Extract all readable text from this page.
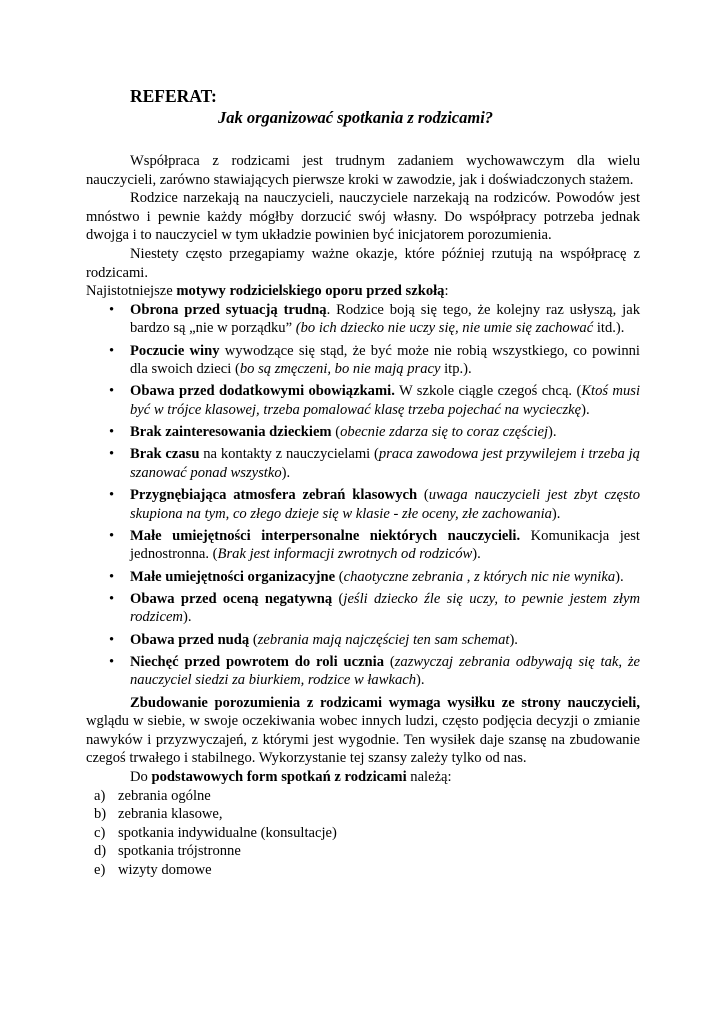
REFERAT:
Jak organizować spotkania z rodzicami?

Współpraca z rodzicami jest trudnym zadaniem wychowawczym dla wielu nauczycieli, zarówno stawiających pierwsze kroki w zawodzie, jak i doświadczonych stażem.

Rodzice narzekają na nauczycieli, nauczyciele narzekają na rodziców. Powodów jest mnóstwo i pewnie każdy mógłby dorzucić swój własny. Do współpracy potrzeba jednak dwojga i to nauczyciel w tym układzie powinien być inicjatorem porozumienia.

Niestety często przegapiamy ważne okazje, które później rzutują na współpracę z rodzicami.

Najistotniejsze motywy rodzicielskiego oporu przed szkołą:

• Obrona przed sytuacją trudną. Rodzice boją się tego, że kolejny raz usłyszą, jak bardzo są „nie w porządku” (bo ich dziecko nie uczy się, nie umie się zachować itd.).
• Poczucie winy wywodzące się stąd, że być może nie robią wszystkiego, co powinni dla swoich dzieci (bo są zmęczeni, bo nie mają pracy itp.).
• Obawa przed dodatkowymi obowiązkami. W szkole ciągle czegoś chcą. (Ktoś musi być w trójce klasowej, trzeba pomalować klasę trzeba pojechać na wycieczkę).
• Brak zainteresowania dzieckiem (obecnie zdarza się to coraz częściej).
• Brak czasu na kontakty z nauczycielami (praca zawodowa jest przywilejem i trzeba ją szanować ponad wszystko).
• Przygnębiająca atmosfera zebrań klasowych (uwaga nauczycieli jest zbyt często skupiona na tym, co złego dzieje się w klasie - złe oceny, złe zachowania).
• Małe umiejętności interpersonalne niektórych nauczycieli. Komunikacja jest jednostronna. (Brak jest informacji zwrotnych od rodziców).
• Małe umiejętności organizacyjne (chaotyczne zebrania , z których nic nie wynika).
• Obawa przed oceną negatywną (jeśli dziecko źle się uczy, to pewnie jestem złym rodzicem).
• Obawa przed nudą (zebrania mają najczęściej ten sam schemat).
• Niechęć przed powrotem do roli ucznia (zazwyczaj zebrania odbywają się tak, że nauczyciel siedzi za biurkiem, rodzice w ławkach).

Zbudowanie porozumienia z rodzicami wymaga wysiłku ze strony nauczycieli, wglądu w siebie, w swoje oczekiwania wobec innych ludzi, często podjęcia decyzji o zmianie nawyków i przyzwyczajeń, z którymi jest wygodnie. Ten wysiłek daje szansę na zbudowanie czegoś trwałego i stabilnego. Wykorzystanie tej szansy zależy tylko od nas.

Do podstawowych form spotkań z rodzicami należą:

a) zebrania ogólne
b) zebrania klasowe,
c) spotkania indywidualne (konsultacje)
d) spotkania trójstronne
e) wizyty domowe
